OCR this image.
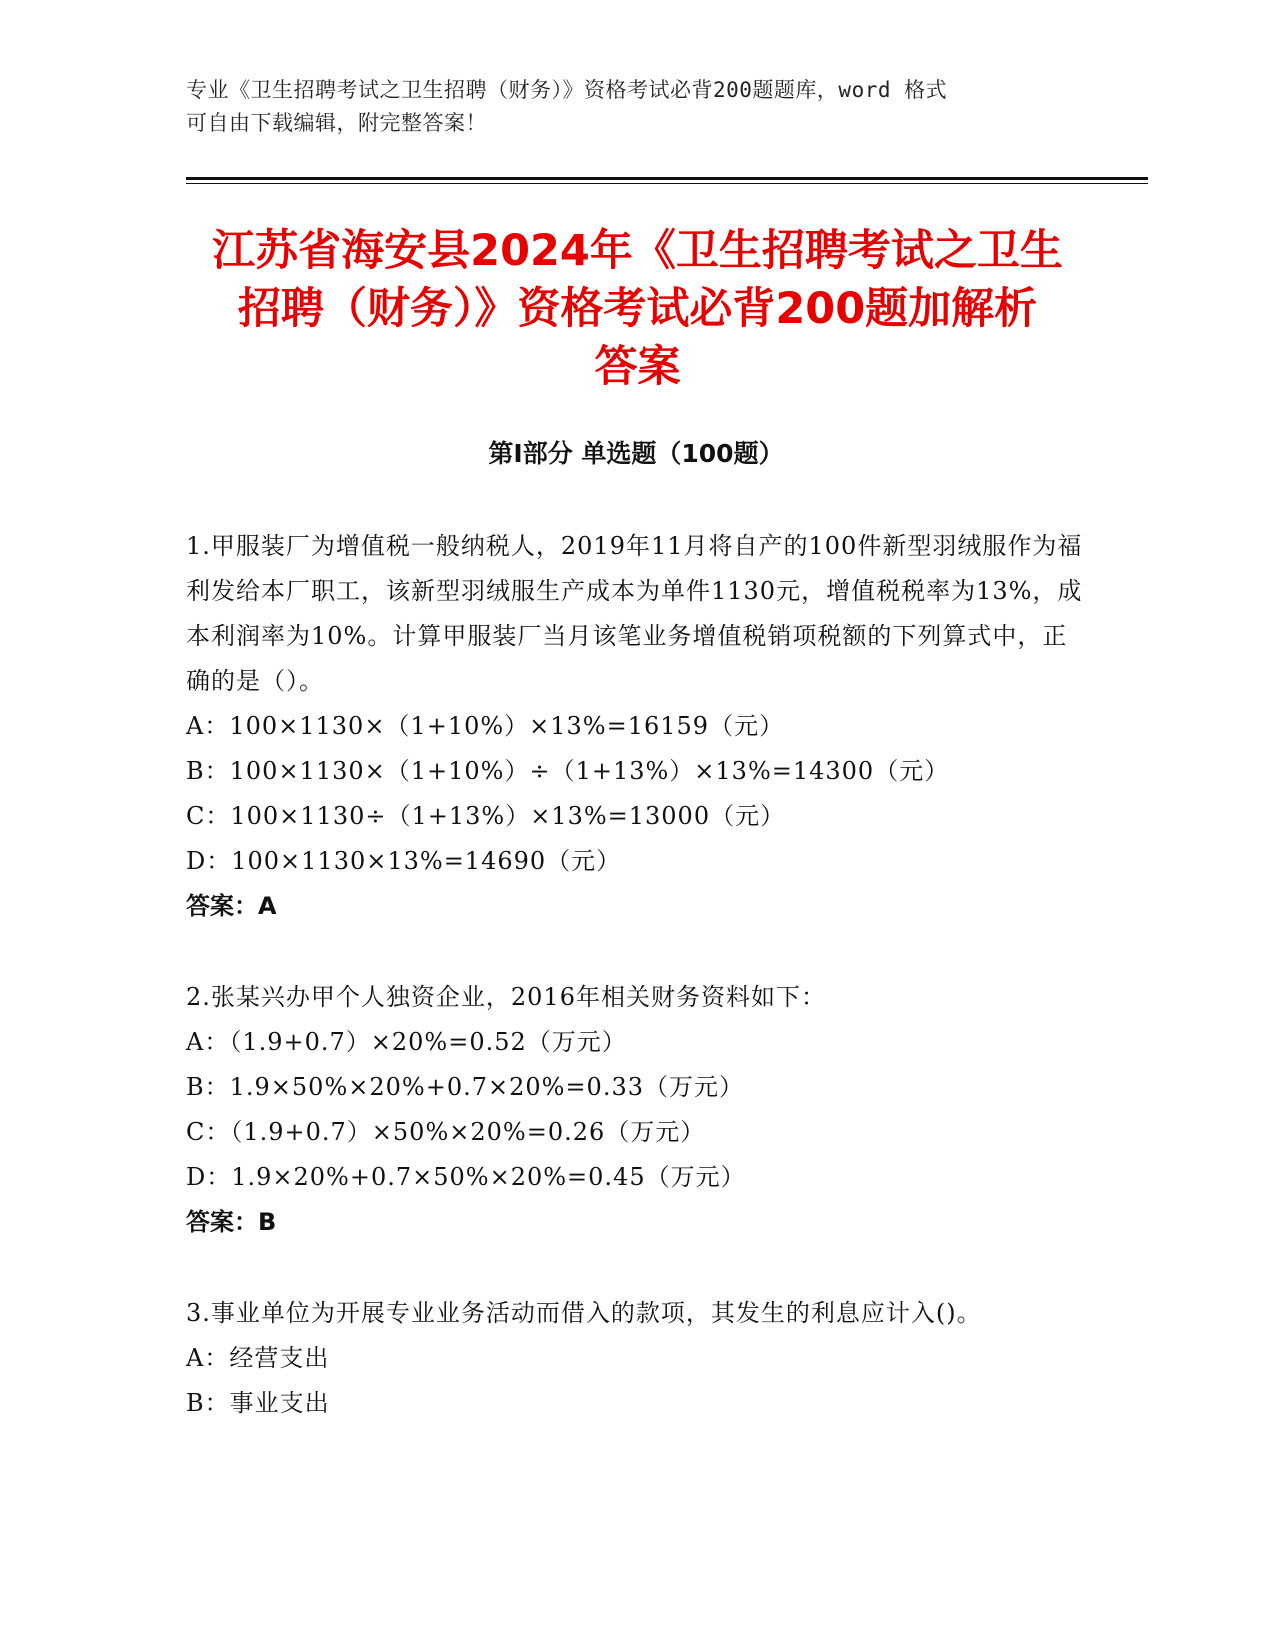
专业《卫生招聘考试之卫生招聘（财务）》资格考试必背200题题库，word 格式
可自由下载编辑，附完整答案！
江苏省海安县2024年《卫生招聘考试之卫生
招聘（财务）》资格考试必背200题加解析
答案
第Ⅰ部分 单选题（100题）
1.甲服装厂为增值税一般纳税人，2019年11月将自产的100件新型羽绒服作为福利发给本厂职工，该新型羽绒服生产成本为单件1130元，增值税税率为13%，成本利润率为10%。计算甲服装厂当月该笔业务增值税销项税额的下列算式中，正确的是（）。
A：100×1130×（1+10%）×13%=16159（元）
B：100×1130×（1+10%）÷（1+13%）×13%=14300（元）
C：100×1130÷（1+13%）×13%=13000（元）
D：100×1130×13%=14690（元）
答案：A
2.张某兴办甲个人独资企业，2016年相关财务资料如下：
A：（1.9+0.7）×20%=0.52（万元）
B：1.9×50%×20%+0.7×20%=0.33（万元）
C：（1.9+0.7）×50%×20%=0.26（万元）
D：1.9×20%+0.7×50%×20%=0.45（万元）
答案：B
3.事业单位为开展专业业务活动而借入的款项，其发生的利息应计入()。
A：经营支出
B：事业支出
